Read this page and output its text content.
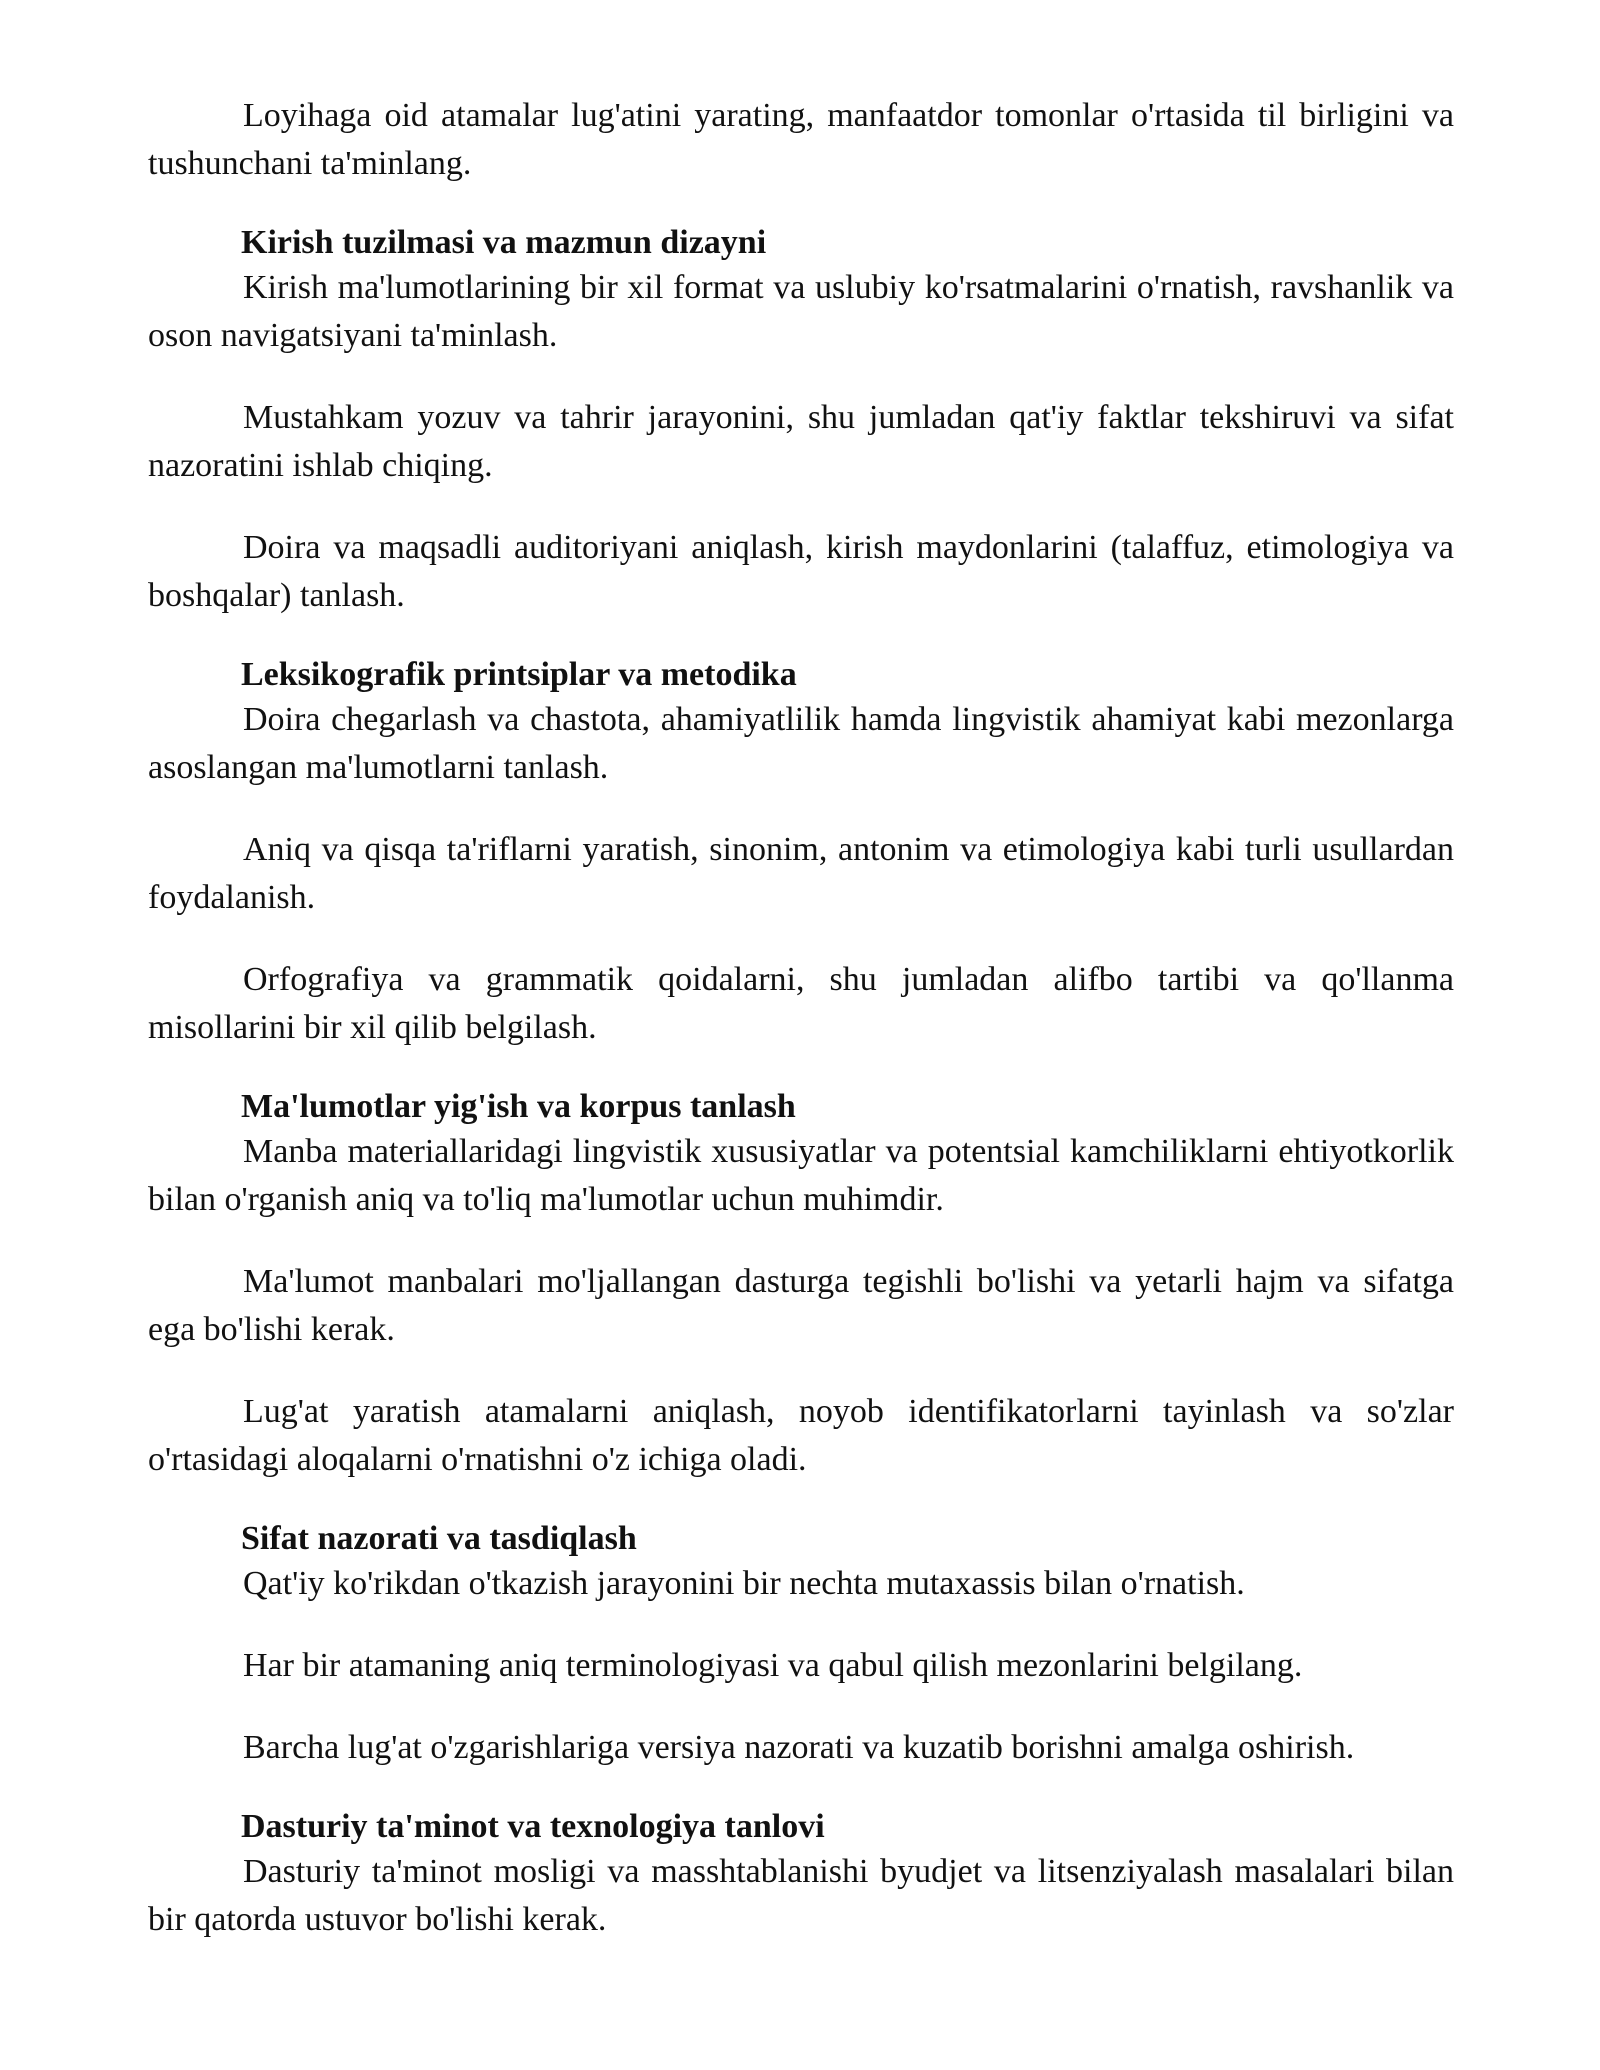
Loyihaga oid atamalar lug'atini yarating, manfaatdor tomonlar o'rtasida til birligini va tushunchani ta'minlang.

Kirish tuzilmasi va mazmun dizayni

Kirish ma'lumotlarining bir xil format va uslubiy ko'rsatmalarini o'rnatish, ravshanlik va oson navigatsiyani ta'minlash.

Mustahkam yozuv va tahrir jarayonini, shu jumladan qat'iy faktlar tekshiruvi va sifat nazoratini ishlab chiqing.

Doira va maqsadli auditoriyani aniqlash, kirish maydonlarini (talaffuz, etimologiya va boshqalar) tanlash.

Leksikografik printsiplar va metodika

Doira chegarlash va chastota, ahamiyatlilik hamda lingvistik ahamiyat kabi mezonlarga asoslangan ma'lumotlarni tanlash.

Aniq va qisqa ta'riflarni yaratish, sinonim, antonim va etimologiya kabi turli usullardan foydalanish.

Orfografiya va grammatik qoidalarni, shu jumladan alifbo tartibi va qo'llanma misollarini bir xil qilib belgilash.

Ma'lumotlar yig'ish va korpus tanlash

Manba materiallaridagi lingvistik xususiyatlar va potentsial kamchiliklarni ehtiyotkorlik bilan o'rganish aniq va to'liq ma'lumotlar uchun muhimdir.

Ma'lumot manbalari mo'ljallangan dasturga tegishli bo'lishi va yetarli hajm va sifatga ega bo'lishi kerak.

Lug'at yaratish atamalarni aniqlash, noyob identifikatorlarni tayinlash va so'zlar o'rtasidagi aloqalarni o'rnatishni o'z ichiga oladi.

Sifat nazorati va tasdiqlash

Qat'iy ko'rikdan o'tkazish jarayonini bir nechta mutaxassis bilan o'rnatish.

Har bir atamaning aniq terminologiyasi va qabul qilish mezonlarini belgilang.

Barcha lug'at o'zgarishlariga versiya nazorati va kuzatib borishni amalga oshirish.

Dasturiy ta'minot va texnologiya tanlovi

Dasturiy ta'minot mosligi va masshtablanishi byudjet va litsenziyalash masalalari bilan bir qatorda ustuvor bo'lishi kerak.
